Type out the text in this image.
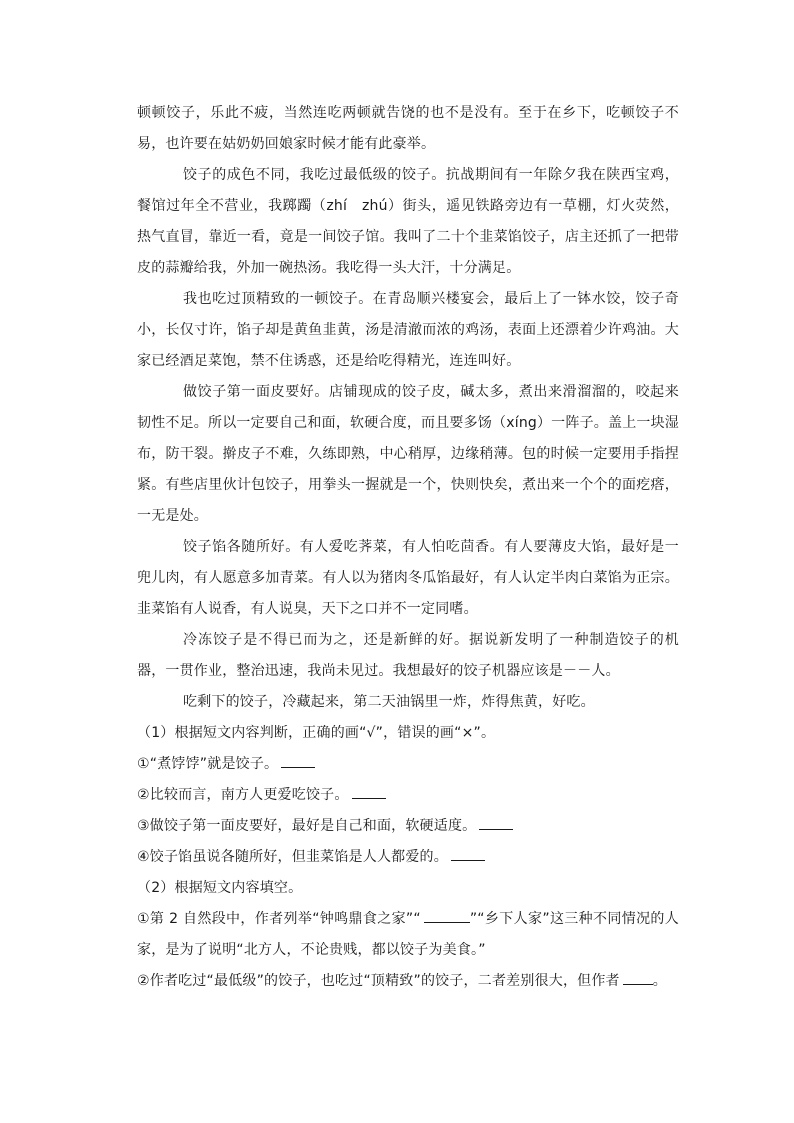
顿顿饺子，乐此不疲，当然连吃两顿就告饶的也不是没有。至于在乡下，吃顿饺子不易，也许要在姑奶奶回娘家时候才能有此豪举。

饺子的成色不同，我吃过最低级的饺子。抗战期间有一年除夕我在陕西宝鸡，餐馆过年全不营业，我踯躅（zhí　zhú）街头，遥见铁路旁边有一草棚，灯火荧然，热气直冒，靠近一看，竟是一间饺子馆。我叫了二十个韭菜馅饺子，店主还抓了一把带皮的蒜瓣给我，外加一碗热汤。我吃得一头大汗，十分满足。

我也吃过顶精致的一顿饺子。在青岛顺兴楼宴会，最后上了一钵水饺，饺子奇小，长仅寸许，馅子却是黄鱼韭黄，汤是清澈而浓的鸡汤，表面上还漂着少许鸡油。大家已经酒足菜饱，禁不住诱惑，还是给吃得精光，连连叫好。

做饺子第一面皮要好。店铺现成的饺子皮，碱太多，煮出来滑溜溜的，咬起来韧性不足。所以一定要自己和面，软硬合度，而且要多饧（xíng）一阵子。盖上一块湿布，防干裂。擀皮子不难，久练即熟，中心稍厚，边缘稍薄。包的时候一定要用手指捏紧。有些店里伙计包饺子，用拳头一握就是一个，快则快矣，煮出来一个个的面疙瘩，一无是处。

饺子馅各随所好。有人爱吃荠菜，有人怕吃茴香。有人要薄皮大馅，最好是一兜儿肉，有人愿意多加青菜。有人以为猪肉冬瓜馅最好，有人认定半肉白菜馅为正宗。韭菜馅有人说香，有人说臭，天下之口并不一定同嗜。

冷冻饺子是不得已而为之，还是新鲜的好。据说新发明了一种制造饺子的机器，一贯作业，整治迅速，我尚未见过。我想最好的饺子机器应该是－－人。

吃剩下的饺子，冷藏起来，第二天油锅里一炸，炸得焦黄，好吃。

（1）根据短文内容判断，正确的画“√”，错误的画“×”。

①“煮饽饽”就是饺子。

②比较而言，南方人更爱吃饺子。

③做饺子第一面皮要好，最好是自己和面，软硬适度。

④饺子馅虽说各随所好，但韭菜馅是人人都爱的。

（2）根据短文内容填空。

①第 2 自然段中，作者列举“钟鸣鼎食之家”“	”“乡下人家”这三种不同情况的人家，是为了说明“北方人，不论贵贱，都以饺子为美食。”

②作者吃过“最低级”的饺子，也吃过“顶精致”的饺子，二者差别很大，但作者 。
